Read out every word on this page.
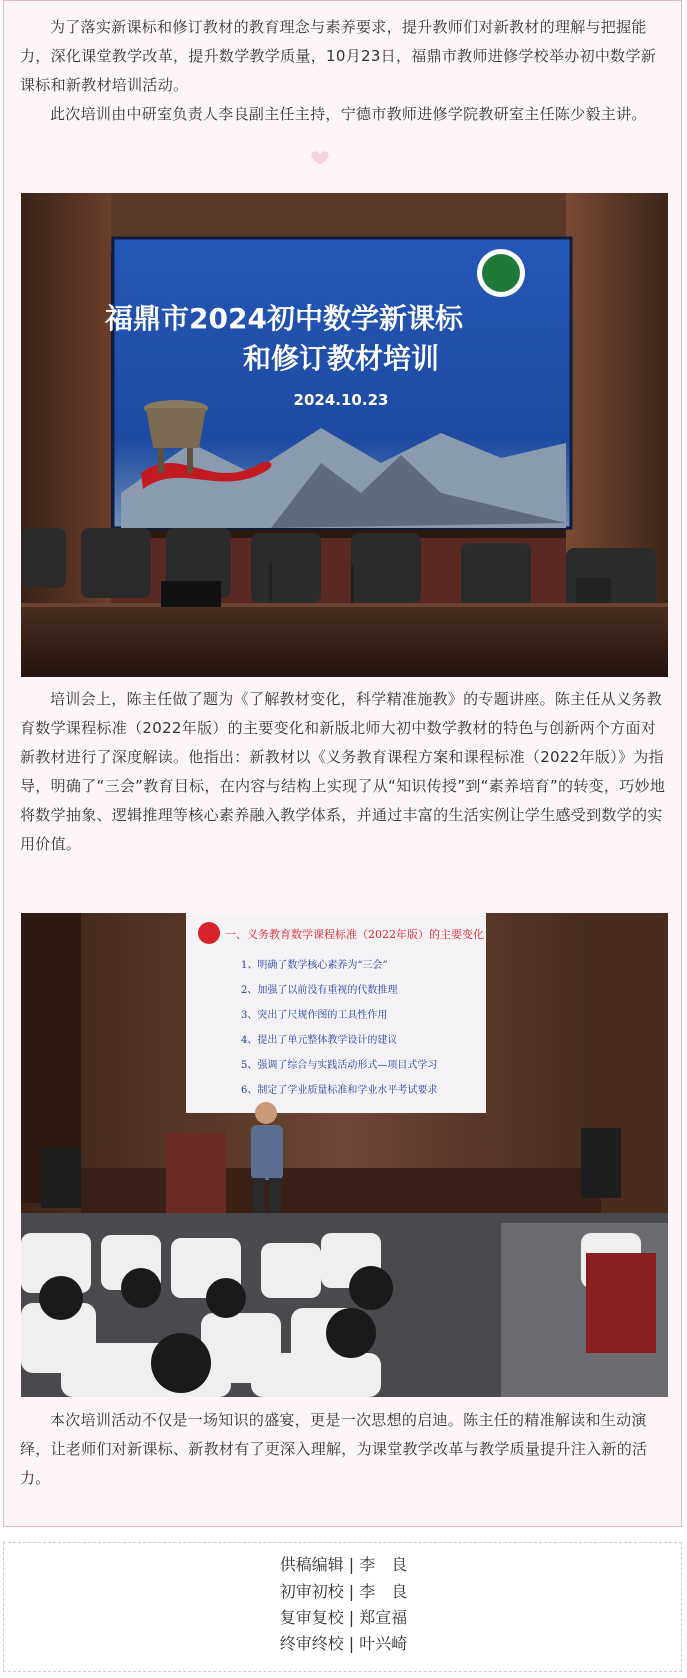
为了落实新课标和修订教材的教育理念与素养要求，提升教师们对新教材的理解与把握能力，深化课堂教学改革，提升数学教学质量，10月23日，福鼎市教师进修学校举办初中数学新课标和新教材培训活动。

此次培训由中研室负责人李良副主任主持，宁德市教师进修学院教研室主任陈少毅主讲。

福鼎市2024初中数学新课标
和修订教材培训
2024.10.23

培训会上，陈主任做了题为《了解教材变化，科学精准施教》的专题讲座。陈主任从义务教育数学课程标准（2022年版）的主要变化和新版北师大初中数学教材的特色与创新两个方面对新教材进行了深度解读。他指出：新教材以《义务教育课程方案和课程标准（2022年版）》为指导，明确了“三会”教育目标，在内容与结构上实现了从“知识传授”到“素养培育”的转变，巧妙地将数学抽象、逻辑推理等核心素养融入教学体系，并通过丰富的生活实例让学生感受到数学的实用价值。

一、义务教育数学课程标准（2022年版）的主要变化
1、明确了数学核心素养为“三会”
2、加强了以前没有重视的代数推理
3、突出了尺规作图的工具性作用
4、提出了单元整体教学设计的建议
5、强调了综合与实践活动形式—项目式学习
6、制定了学业质量标准和学业水平考试要求

本次培训活动不仅是一场知识的盛宴，更是一次思想的启迪。陈主任的精准解读和生动演绎，让老师们对新课标、新教材有了更深入理解，为课堂教学改革与教学质量提升注入新的活力。

供稿编辑 | 李　良
初审初校 | 李　良
复审复校 | 郑宣福
终审终校 | 叶兴崎
